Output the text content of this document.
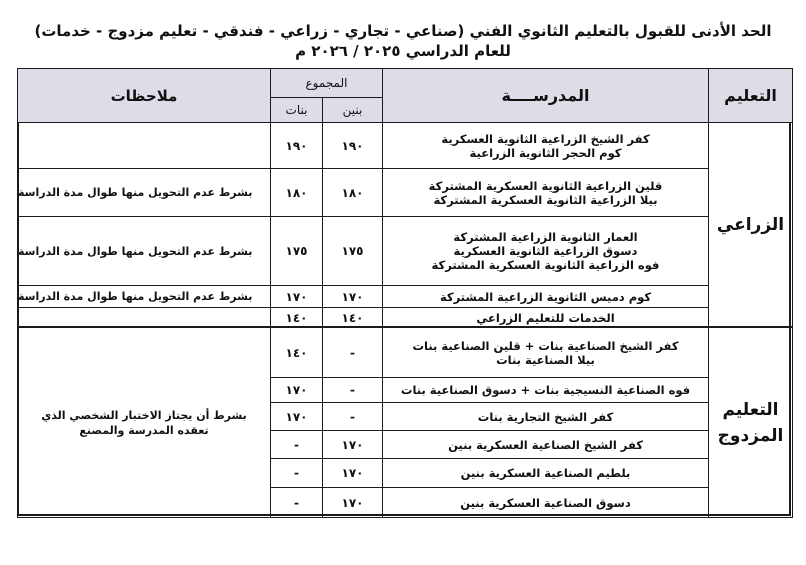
الحد الأدنى للقبول بالتعليم الثانوي الفني (صناعي - تجاري - زراعي - فندقي - تعليم مزدوج - خدمات)
للعام الدراسي ٢٠٢٥ / ٢٠٢٦ م
التعليم
المدرســــة
المجموع
بنين
بنات
ملاحظات
الزراعي
كفر الشيخ الزراعية الثانوية العسكرية
كوم الحجر الثانوية الزراعية
١٩٠
١٩٠
قلين الزراعية الثانوية العسكرية المشتركة
بيلا الزراعية الثانوية العسكرية المشتركة
١٨٠
١٨٠
بشرط عدم التحويل منها طوال مدة الدراسة
العمار الثانوية الزراعية المشتركة
دسوق الزراعية الثانوية العسكرية
فوه الزراعية الثانوية العسكرية المشتركة
١٧٥
١٧٥
بشرط عدم التحويل منها طوال مدة الدراسة
كوم دميس الثانوية الزراعية المشتركة
١٧٠
١٧٠
بشرط عدم التحويل منها طوال مدة الدراسة
الخدمات للتعليم الزراعي
١٤٠
١٤٠
التعليم
المزدوج
بشرط أن يجتاز الاختبار الشخصي الذي
تعقده المدرسة والمصنع
كفر الشيخ الصناعية بنات + قلين الصناعية بنات
بيلا الصناعية بنات
-
١٤٠
فوه الصناعية النسيجية بنات + دسوق الصناعية بنات
-
١٧٠
كفر الشيخ التجارية بنات
-
١٧٠
كفر الشيخ الصناعية العسكرية بنين
١٧٠
-
بلطيم الصناعية العسكرية بنين
١٧٠
-
دسوق الصناعية العسكرية بنين
١٧٠
-
